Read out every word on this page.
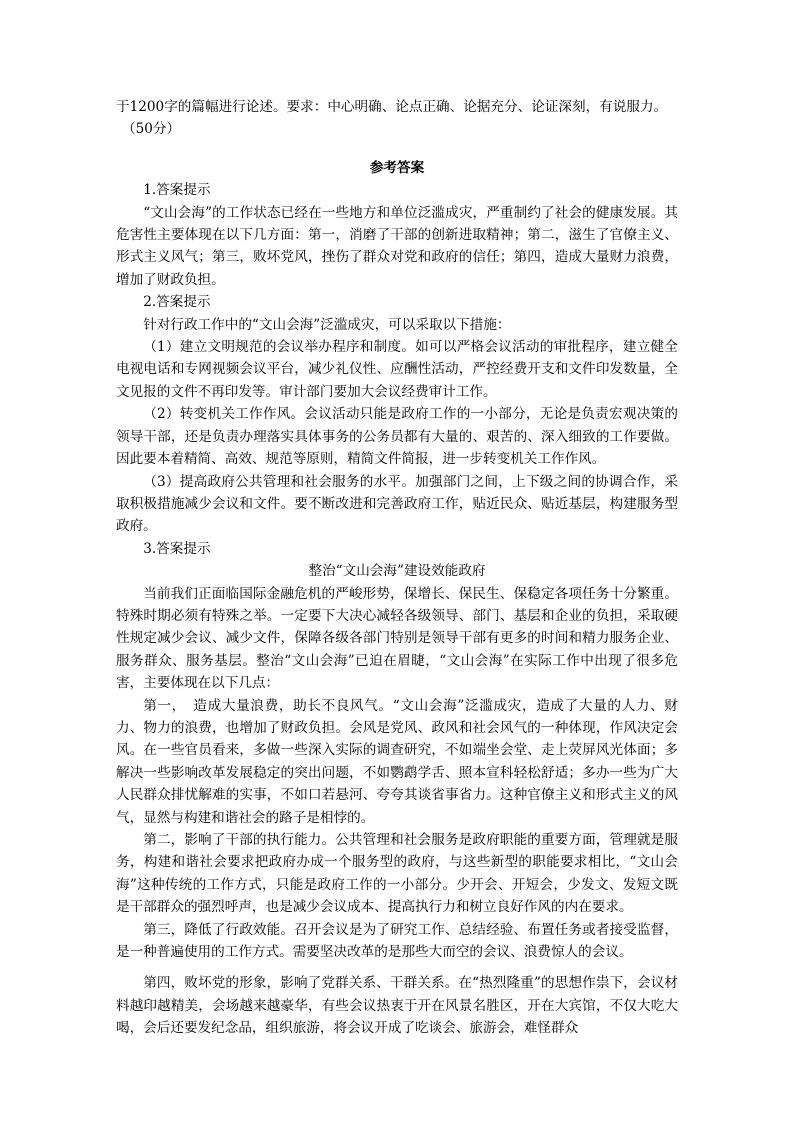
于1200字的篇幅进行论述。要求：中心明确、论点正确、论据充分、论证深刻，有说服力。

（50分）

参考答案

1.答案提示

“文山会海”的工作状态已经在一些地方和单位泛滥成灾，严重制约了社会的健康发展。其危害性主要体现在以下几方面：第一，消磨了干部的创新进取精神；第二，滋生了官僚主义、形式主义风气；第三，败坏党风，挫伤了群众对党和政府的信任；第四，造成大量财力浪费，增加了财政负担。

2.答案提示

针对行政工作中的“文山会海”泛滥成灾，可以采取以下措施：

（1）建立文明规范的会议举办程序和制度。如可以严格会议活动的审批程序，建立健全电视电话和专网视频会议平台，减少礼仪性、应酬性活动，严控经费开支和文件印发数量，全文见报的文件不再印发等。审计部门要加大会议经费审计工作。

（2）转变机关工作作风。会议活动只能是政府工作的一小部分，无论是负责宏观决策的领导干部，还是负责办理落实具体事务的公务员都有大量的、艰苦的、深入细致的工作要做。因此要本着精简、高效、规范等原则，精简文件简报，进一步转变机关工作作风。

（3）提高政府公共管理和社会服务的水平。加强部门之间，上下级之间的协调合作，采取积极措施减少会议和文件。要不断改进和完善政府工作，贴近民众、贴近基层，构建服务型政府。

3.答案提示

整治“文山会海”建设效能政府

当前我们正面临国际金融危机的严峻形势，保增长、保民生、保稳定各项任务十分繁重。特殊时期必须有特殊之举。一定要下大决心减轻各级领导、部门、基层和企业的负担，采取硬性规定减少会议、减少文件，保障各级各部门特别是领导干部有更多的时间和精力服务企业、服务群众、服务基层。整治“文山会海”已迫在眉睫，“文山会海”在实际工作中出现了很多危害，主要体现在以下几点：

第一，　造成大量浪费，助长不良风气。“文山会海”泛滥成灾，造成了大量的人力、财力、物力的浪费，也增加了财政负担。会风是党风、政风和社会风气的一种体现，作风决定会风。在一些官员看来，多做一些深入实际的调查研究，不如端坐会堂、走上荧屏风光体面；多解决一些影响改革发展稳定的突出问题，不如鹦鹉学舌、照本宣科轻松舒适；多办一些为广大人民群众排忧解难的实事，不如口若悬河、夸夸其谈省事省力。这种官僚主义和形式主义的风气，显然与构建和谐社会的路子是相悖的。

第二，影响了干部的执行能力。公共管理和社会服务是政府职能的重要方面，管理就是服务，构建和谐社会要求把政府办成一个服务型的政府，与这些新型的职能要求相比，“文山会海”这种传统的工作方式，只能是政府工作的一小部分。少开会、开短会，少发文、发短文既是干部群众的强烈呼声，也是减少会议成本、提高执行力和树立良好作风的内在要求。

第三，降低了行政效能。召开会议是为了研究工作、总结经验、布置任务或者接受监督，是一种普遍使用的工作方式。需要坚决改革的是那些大而空的会议、浪费惊人的会议。

第四，败坏党的形象，影响了党群关系、干群关系。在“热烈隆重”的思想作祟下，会议材料越印越精美，会场越来越豪华，有些会议热衷于开在风景名胜区，开在大宾馆，不仅大吃大喝，会后还要发纪念品，组织旅游，将会议开成了吃谈会、旅游会，难怪群众
